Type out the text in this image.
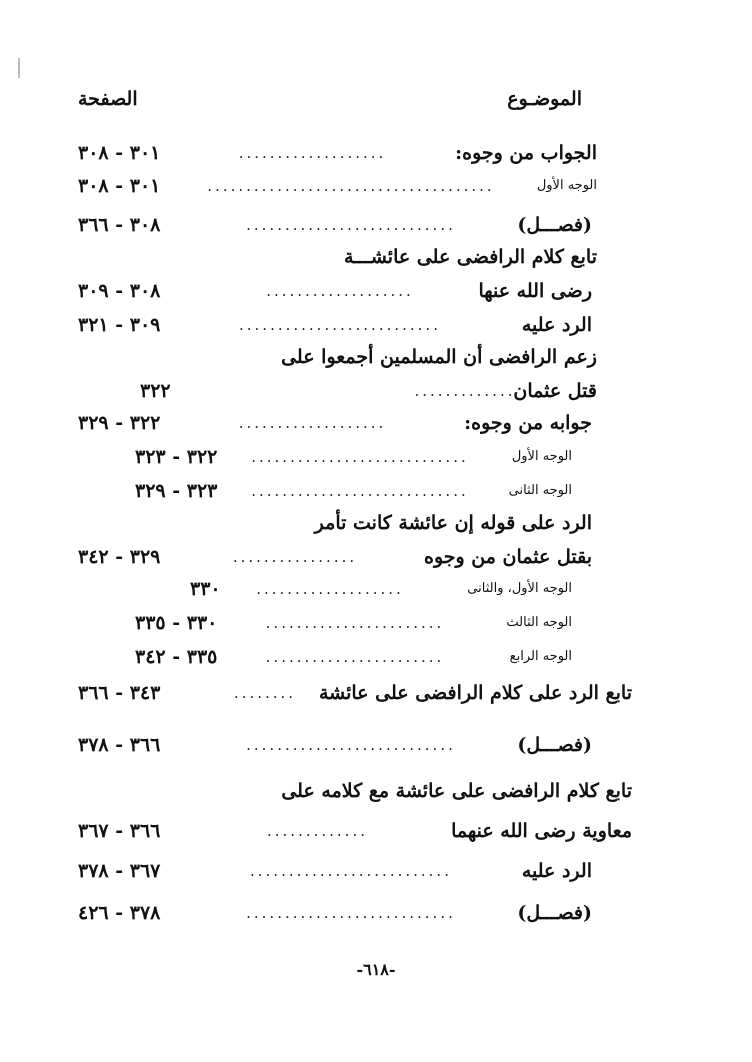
الموضـوع
الصفحة
الجواب من وجوه:
...................
٣٠١ - ٣٠٨
الوجه الأول
.....................................
٣٠١ - ٣٠٨
(فصـــل)
...........................
٣٠٨ - ٣٦٦
تابع كلام الرافضى على عائشـــة
رضى الله عنها
...................
٣٠٨ - ٣٠٩
الرد عليه
..........................
٣٠٩ - ٣٢١
زعم الرافضى أن المسلمين أجمعوا على
قتل عثمان
.............
٣٢٢
جوابه من وجوه:
...................
٣٢٢ - ٣٢٩
الوجه الأول
............................
٣٢٢ - ٣٢٣
الوجه الثانى
............................
٣٢٣ - ٣٢٩
الرد على قوله إن عائشة كانت تأمر
بقتل عثمان من وجوه
................
٣٢٩ - ٣٤٢
الوجه الأول، والثانى
...................
٣٣٠
الوجه الثالث
.......................
٣٣٠ - ٣٣٥
الوجه الرابع
.......................
٣٣٥ - ٣٤٢
تابع الرد على كلام الرافضى على عائشة
........
٣٤٣ - ٣٦٦
(فصـــل)
...........................
٣٦٦ - ٣٧٨
تابع كلام الرافضى على عائشة مع كلامه على
معاوية رضى الله عنهما
.............
٣٦٦ - ٣٦٧
الرد عليه
..........................
٣٦٧ - ٣٧٨
(فصـــل)
...........................
٣٧٨ - ٤٢٦
-٦١٨-
